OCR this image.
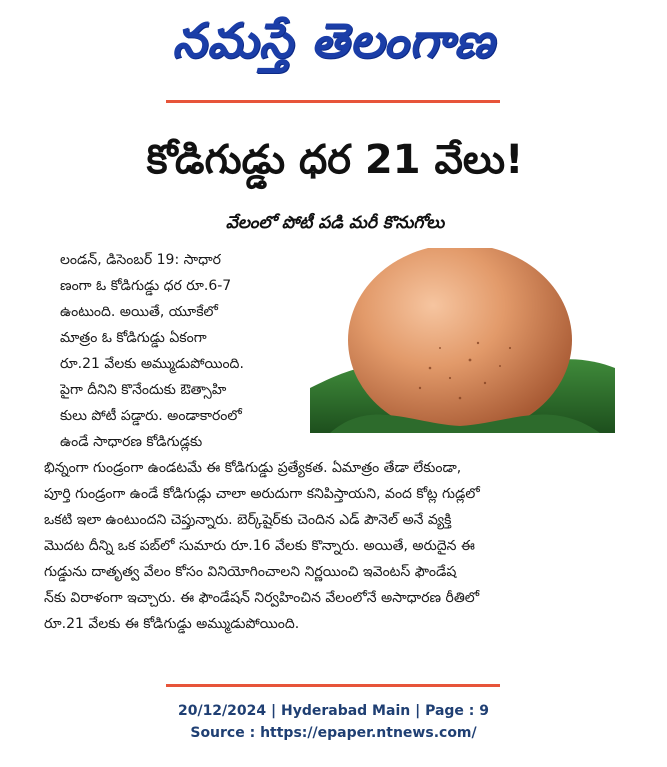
నమస్తే తెలంగాణ
కోడిగుడ్డు ధర 21 వేలు!
వేలంలో పోటీ పడి మరీ కొనుగోలు
లండన్, డిసెంబర్ 19: సాధార
ణంగా ఓ కోడిగుడ్డు ధర రూ.6-7
ఉంటుంది. అయితే, యూకేలో
మాత్రం ఓ కోడిగుడ్డు ఏకంగా
రూ.21 వేలకు అమ్ముడుపోయింది.
పైగా దీనిని కొనేందుకు ఔత్సాహి
కులు పోటీ పడ్డారు. అండాకారంలో
ఉండే సాధారణ కోడిగుడ్లకు
భిన్నంగా గుండ్రంగా ఉండటమే ఈ కోడిగుడ్డు ప్రత్యేకత. ఏమాత్రం తేడా లేకుండా,
పూర్తి గుండ్రంగా ఉండే కోడిగుడ్లు చాలా అరుదుగా కనిపిస్తాయని, వంద కోట్ల గుడ్లలో
ఒకటి ఇలా ఉంటుందని చెప్తున్నారు. బెర్క్‌షైర్‌కు చెందిన ఎడ్ పౌనెల్ అనే వ్యక్తి
మొదట దీన్ని ఒక పబ్‌లో సుమారు రూ.16 వేలకు కొన్నారు. అయితే, అరుదైన ఈ
గుడ్డును దాతృత్వ వేలం కోసం వినియోగించాలని నిర్ణయించి ఇవెంటస్ ఫౌండేష
న్‌కు విరాళంగా ఇచ్చారు. ఈ ఫౌండేషన్ నిర్వహించిన వేలంలోనే అసాధారణ రీతిలో
రూ.21 వేలకు ఈ కోడిగుడ్డు అమ్ముడుపోయింది.
20/12/2024 | Hyderabad Main | Page : 9
Source : https://epaper.ntnews.com/
